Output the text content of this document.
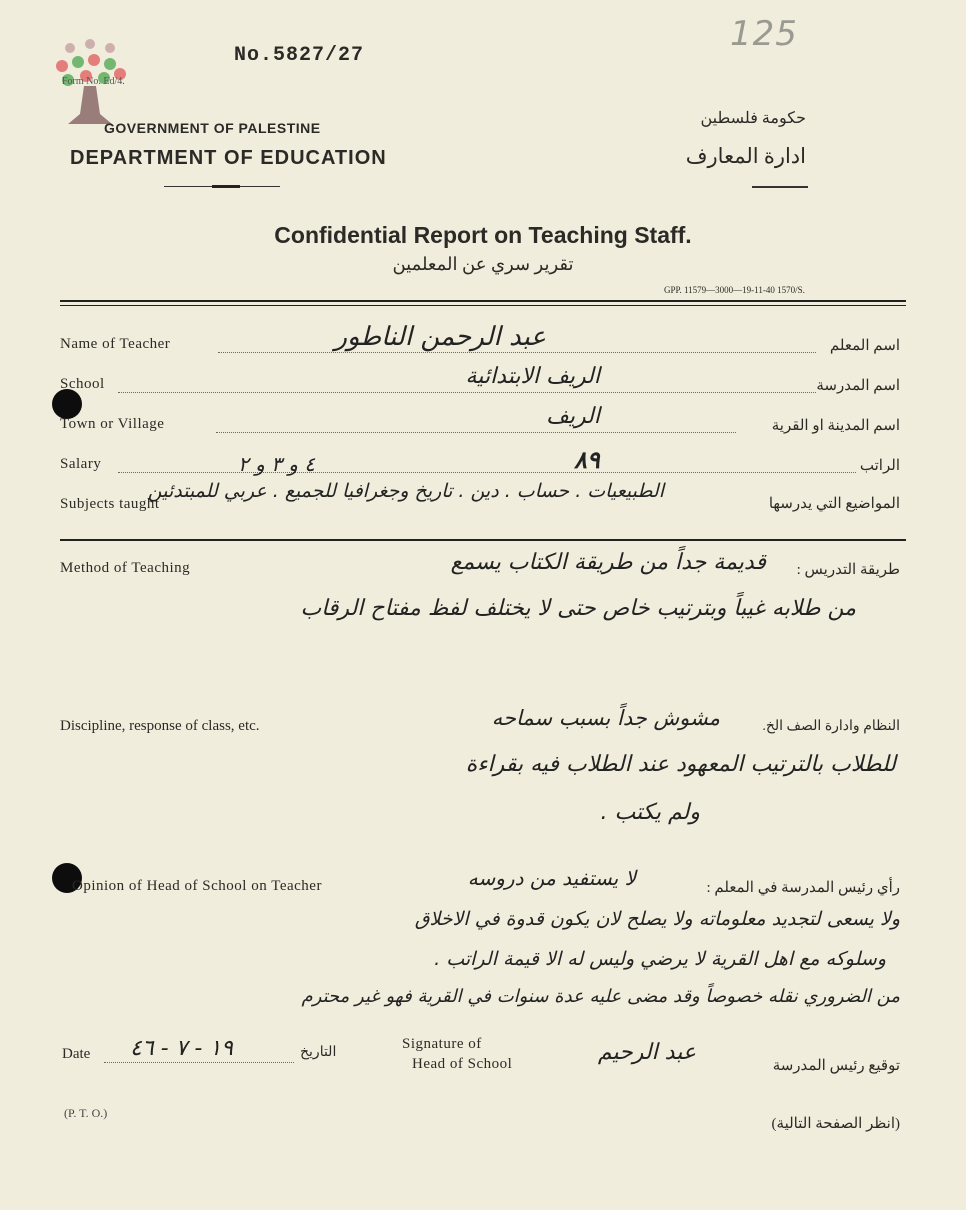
125
No.5827/27
Form No. Ed/4.
GOVERNMENT OF PALESTINE
DEPARTMENT OF EDUCATION
حكومة فلسطين
ادارة المعارف
Confidential Report on Teaching Staff.
تقرير سري عن المعلمين
GPP. 11579—3000—19-11-40 1570/S.
Name of Teacher	اسم المعلم
عبد الرحمن الناطور
School	اسم المدرسة
الريف الابتدائية
Town or Village	اسم المدينة او القرية
الريف
Salary	الراتب
٨٩
٤ و ٣ و ٢
Subjects taught	المواضيع التي يدرسها
الطبيعيات . حساب . دين . تاريخ وجغرافيا للجميع . عربي للمبتدئين
Method of Teaching	طريقة التدريس :
قديمة جداً من طريقة الكتاب يسمع
من طلابه غيباً وبترتيب خاص حتى لا يختلف لفظ مفتاح الرقاب
Discipline, response of class, etc.	النظام وادارة الصف الخ.
مشوش جداً بسبب سماحه
للطلاب بالترتيب المعهود عند الطلاب فيه بقراءة
ولم يكتب .
Opinion of Head of School on Teacher	رأي رئيس المدرسة في المعلم :
لا يستفيد من دروسه
ولا يسعى لتجديد معلوماته ولا يصلح لان يكون قدوة في الاخلاق
وسلوكه مع اهل القرية لا يرضي وليس له الا قيمة الراتب .
من الضروري نقله خصوصاً وقد مضى عليه عدة سنوات في القرية فهو غير محترم
Date ١٩ - ٧ - ٤٦	التاريخ
Signature of
Head of School	عبد الرحيم
توقيع رئيس المدرسة
(P. T. O.)
(انظر الصفحة التالية)
